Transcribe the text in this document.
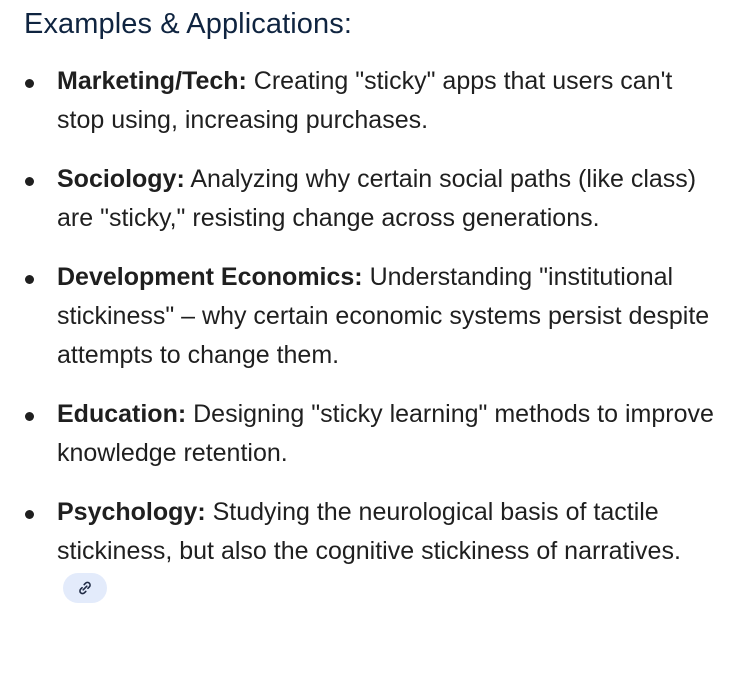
Examples & Applications:
Marketing/Tech: Creating "sticky" apps that users can't stop using, increasing purchases.
Sociology: Analyzing why certain social paths (like class) are "sticky," resisting change across generations.
Development Economics: Understanding "institutional stickiness" – why certain economic systems persist despite attempts to change them.
Education: Designing "sticky learning" methods to improve knowledge retention.
Psychology: Studying the neurological basis of tactile stickiness, but also the cognitive stickiness of narratives.
